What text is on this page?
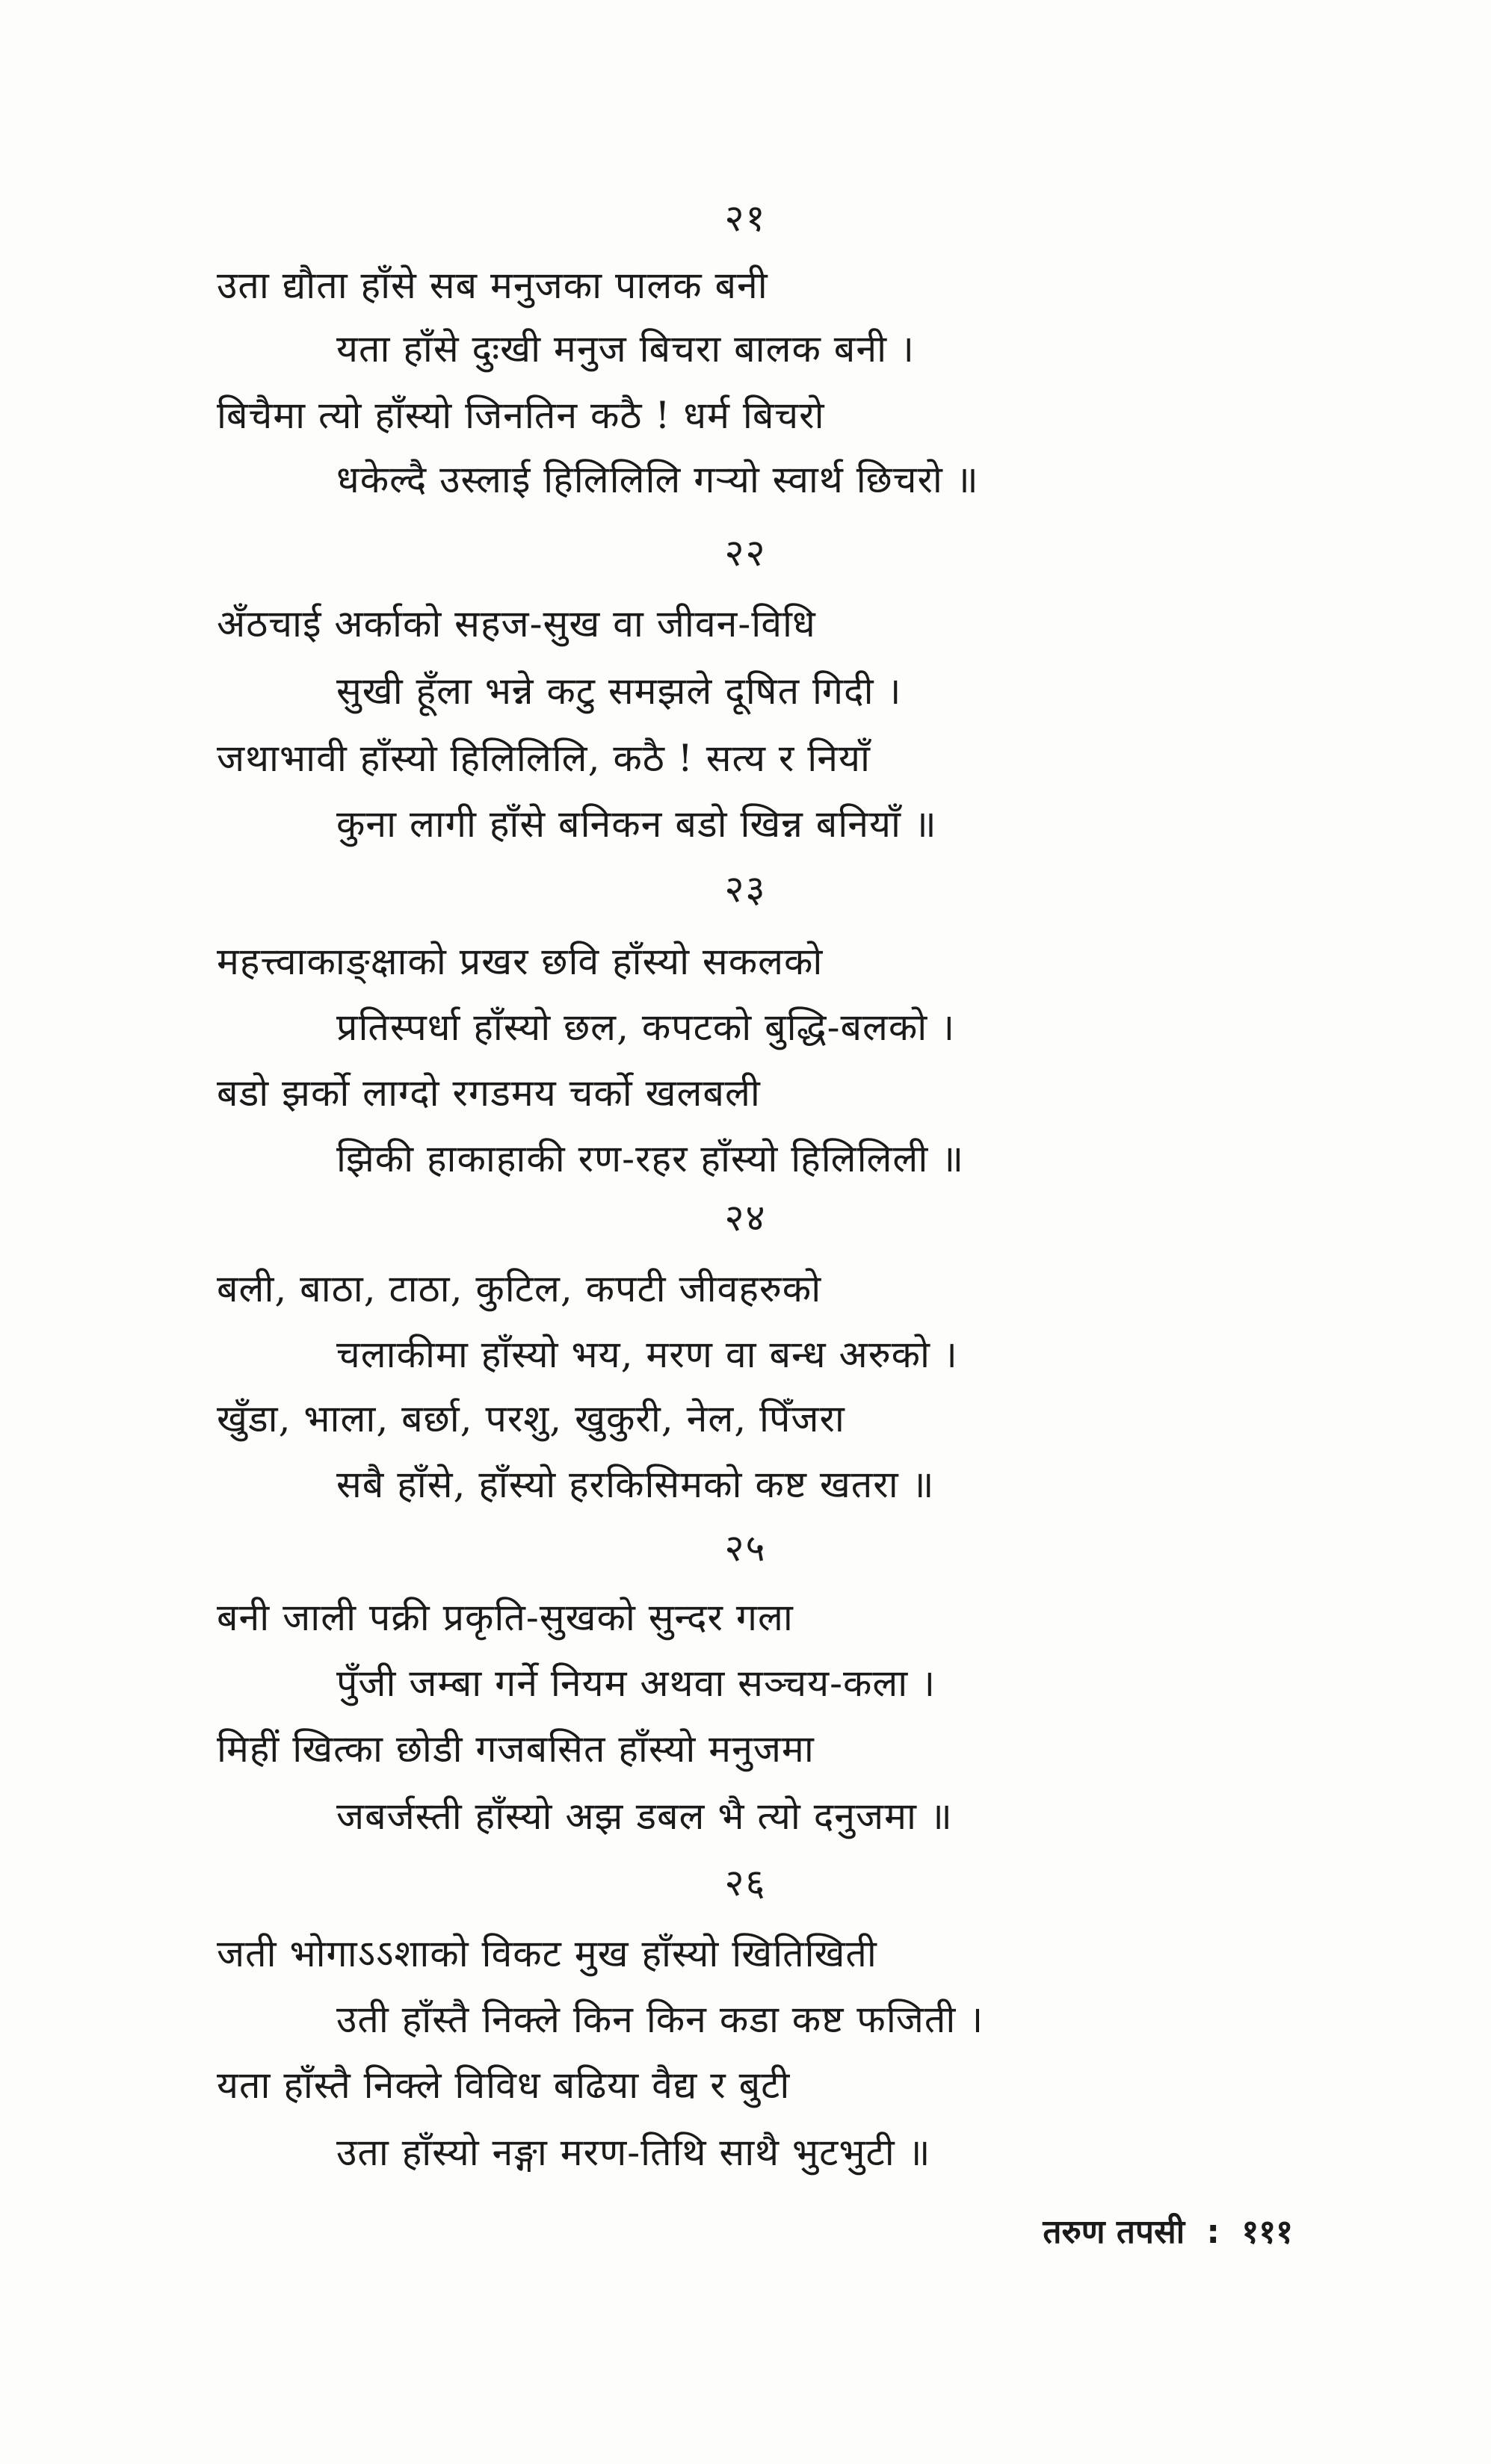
२१
उता द्यौता हाँसे सब मनुजका पालक बनी
यता हाँसे दुःखी मनुज बिचरा बालक बनी ।
बिचैमा त्यो हाँस्यो जिनतिन कठै ! धर्म बिचरो
धकेल्दै उस्लाई हिलिलिलि गऱ्यो स्वार्थ छिचरो ॥
२२
अँठचाई अर्काको सहज-सुख वा जीवन-विधि
सुखी हूँला भन्ने कटु समझले दूषित गिदी ।
जथाभावी हाँस्यो हिलिलिलि, कठै ! सत्य र नियाँ
कुना लागी हाँसे बनिकन बडो खिन्न बनियाँ ॥
२३
महत्त्वाकाङ्क्षाको प्रखर छवि हाँस्यो सकलको
प्रतिस्पर्धा हाँस्यो छल, कपटको बुद्धि-बलको ।
बडो झर्को लाग्दो रगडमय चर्को खलबली
झिकी हाकाहाकी रण-रहर हाँस्यो हिलिलिली ॥
२४
बली, बाठा, टाठा, कुटिल, कपटी जीवहरुको
चलाकीमा हाँस्यो भय, मरण वा बन्ध अरुको ।
खुँडा, भाला, बर्छा, परशु, खुकुरी, नेल, पिँजरा
सबै हाँसे, हाँस्यो हरकिसिमको कष्ट खतरा ॥
२५
बनी जाली पक्री प्रकृति-सुखको सुन्दर गला
पुँजी जम्बा गर्ने नियम अथवा सञ्चय-कला ।
मिहीं खित्का छोडी गजबसित हाँस्यो मनुजमा
जबर्जस्ती हाँस्यो अझ डबल भै त्यो दनुजमा ॥
२६
जती भोगाऽऽशाको विकट मुख हाँस्यो खितिखिती
उती हाँस्तै निक्ले किन किन कडा कष्ट फजिती ।
यता हाँस्तै निक्ले विविध बढिया वैद्य र बुटी
उता हाँस्यो नङ्गा मरण-तिथि साथै भुटभुटी ॥
तरुण तपसी : १११
